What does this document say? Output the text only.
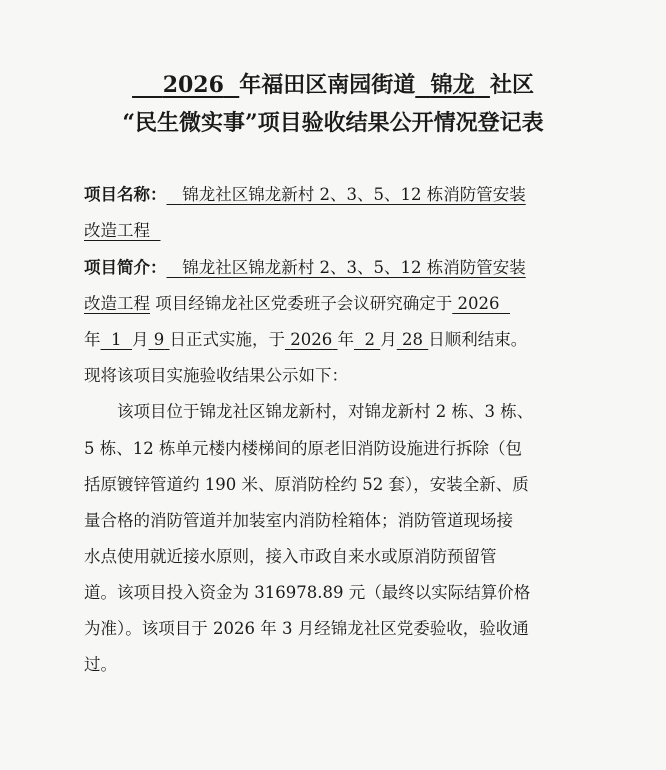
2026 年福田区南园街道 锦龙 社区
“民生微实事”项目验收结果公开情况登记表
项目名称： 锦龙社区锦龙新村 2、3、5、12 栋消防管安装
改造工程
项目简介： 锦龙社区锦龙新村 2、3、5、12 栋消防管安装
改造工程 项目经锦龙社区党委班子会议研究确定于 2026
年 1 月 9 日正式实施，于 2026 年 2 月 28 日顺利结束。
现将该项目实施验收结果公示如下：
该项目位于锦龙社区锦龙新村，对锦龙新村 2 栋、3 栋、
5 栋、12 栋单元楼内楼梯间的原老旧消防设施进行拆除（包
括原镀锌管道约 190 米、原消防栓约 52 套），安装全新、质
量合格的消防管道并加装室内消防栓箱体；消防管道现场接
水点使用就近接水原则，接入市政自来水或原消防预留管
道。该项目投入资金为 316978.89 元（最终以实际结算价格
为准）。该项目于 2026 年 3 月经锦龙社区党委验收，验收通
过。
